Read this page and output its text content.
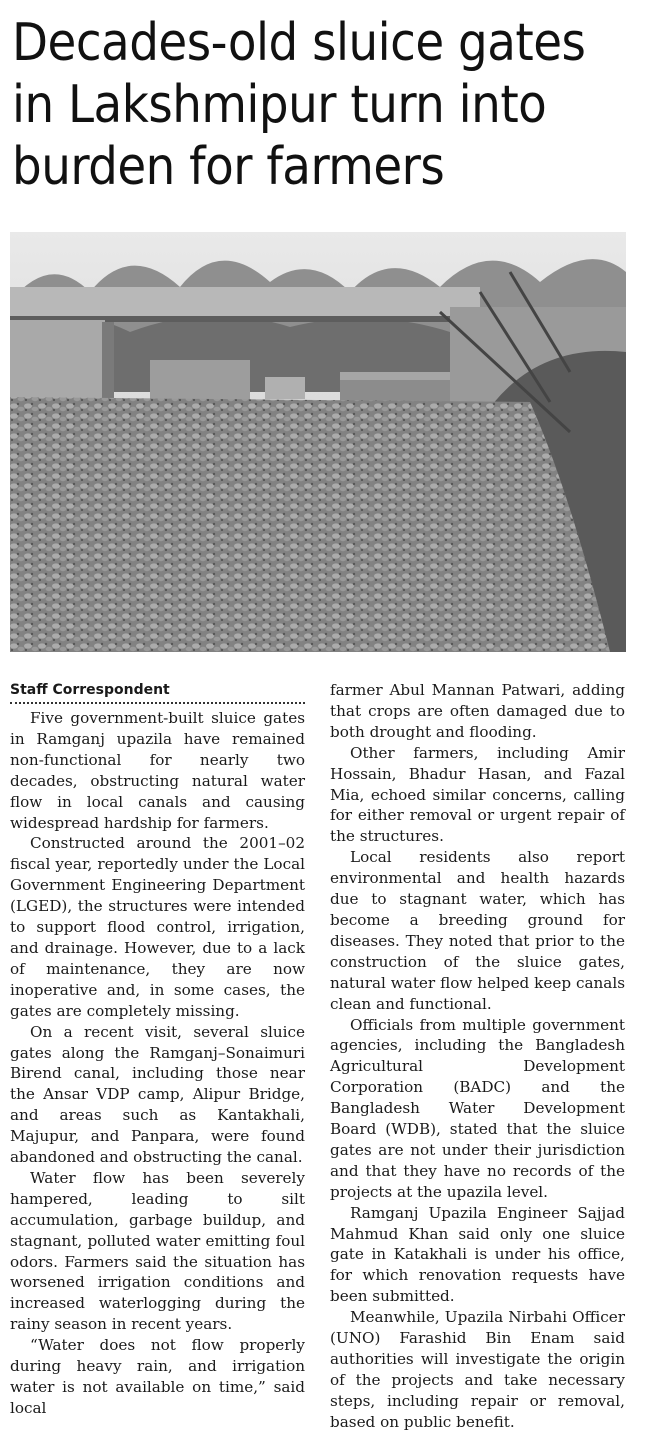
Decades-old sluice gates
in Lakshmipur turn into
burden for farmers
Staff Correspondent

Five government-built sluice gates in Ramganj upazila have remained non-functional for nearly two decades, obstructing natural water flow in local canals and causing widespread hardship for farmers.

Constructed around the 2001–02 fiscal year, reportedly under the Local Government Engineering Department (LGED), the structures were intended to support flood control, irrigation, and drainage. However, due to a lack of maintenance, they are now inoperative and, in some cases, the gates are completely missing.

On a recent visit, several sluice gates along the Ramganj–Sonaimuri Birend canal, including those near the Ansar VDP camp, Alipur Bridge, and areas such as Kantakhali, Majupur, and Panpara, were found abandoned and obstructing the canal.

Water flow has been severely hampered, leading to silt accumulation, garbage buildup, and stagnant, polluted water emitting foul odors. Farmers said the situation has worsened irrigation conditions and increased waterlogging during the rainy season in recent years.

“Water does not flow properly during heavy rain, and irrigation water is not available on time,” said local

farmer Abul Mannan Patwari, adding that crops are often damaged due to both drought and flooding.

Other farmers, including Amir Hossain, Bhadur Hasan, and Fazal Mia, echoed similar concerns, calling for either removal or urgent repair of the structures.

Local residents also report environmental and health hazards due to stagnant water, which has become a breeding ground for diseases. They noted that prior to the construction of the sluice gates, natural water flow helped keep canals clean and functional.

Officials from multiple government agencies, including the Bangladesh Agricultural Development Corporation (BADC) and the Bangladesh Water Development Board (WDB), stated that the sluice gates are not under their jurisdiction and that they have no records of the projects at the upazila level.

Ramganj Upazila Engineer Sajjad Mahmud Khan said only one sluice gate in Katakhali is under his office, for which renovation requests have been submitted.

Meanwhile, Upazila Nirbahi Officer (UNO) Farashid Bin Enam said authorities will investigate the origin of the projects and take necessary steps, including repair or removal, based on public benefit.
